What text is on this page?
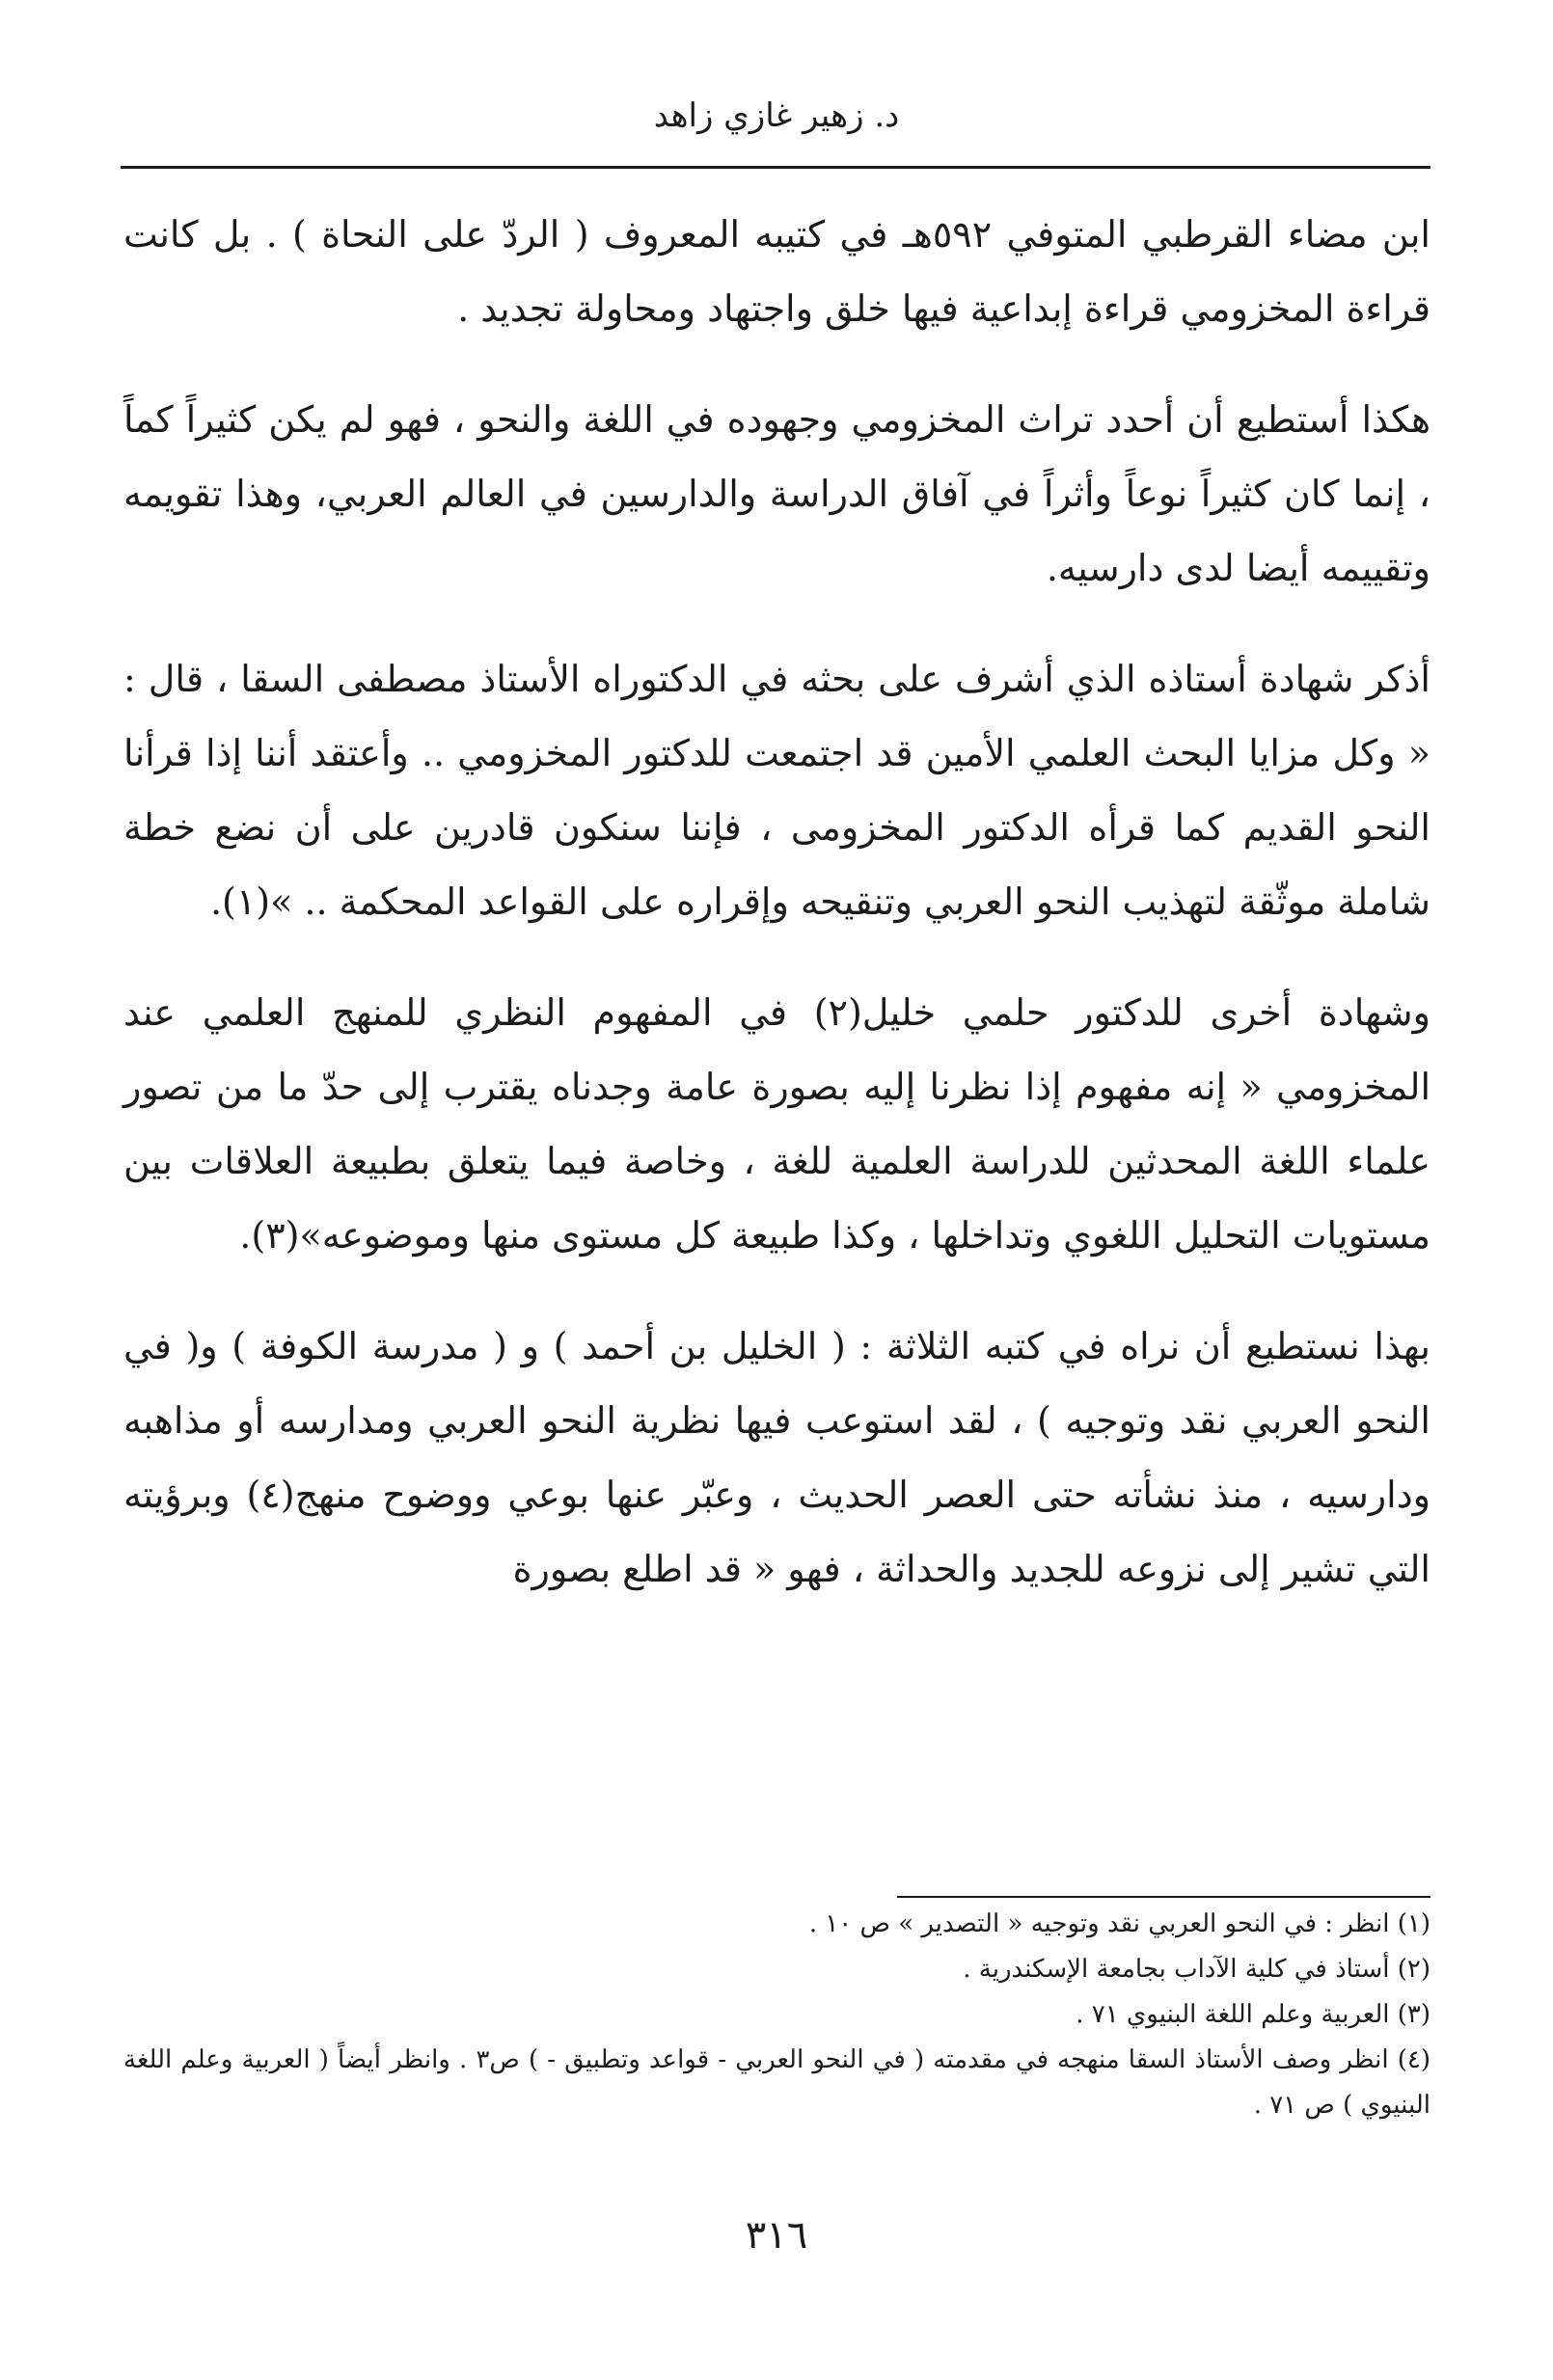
د. زهير غازي زاهد

ابن مضاء القرطبي المتوفي ٥٩٢هـ في كتيبه المعروف ( الردّ على النحاة ) . بل كانت قراءة المخزومي قراءة إبداعية فيها خلق واجتهاد ومحاولة تجديد .

هكذا أستطيع أن أحدد تراث المخزومي وجهوده في اللغة والنحو ، فهو لم يكن كثيراً كماً ، إنما كان كثيراً نوعاً وأثراً في آفاق الدراسة والدارسين في العالم العربي، وهذا تقويمه وتقييمه أيضا لدى دارسيه.

أذكر شهادة أستاذه الذي أشرف على بحثه في الدكتوراه الأستاذ مصطفى السقا ، قال : « وكل مزايا البحث العلمي الأمين قد اجتمعت للدكتور المخزومي .. وأعتقد أننا إذا قرأنا النحو القديم كما قرأه الدكتور المخزومى ، فإننا سنكون قادرين على أن نضع خطة شاملة موثّقة لتهذيب النحو العربي وتنقيحه وإقراره على القواعد المحكمة .. »(١).

وشهادة أخرى للدكتور حلمي خليل(٢) في المفهوم النظري للمنهج العلمي عند المخزومي « إنه مفهوم إذا نظرنا إليه بصورة عامة وجدناه يقترب إلى حدّ ما من تصور علماء اللغة المحدثين للدراسة العلمية للغة ، وخاصة فيما يتعلق بطبيعة العلاقات بين مستويات التحليل اللغوي وتداخلها ، وكذا طبيعة كل مستوى منها وموضوعه»(٣).

بهذا نستطيع أن نراه في كتبه الثلاثة : ( الخليل بن أحمد ) و ( مدرسة الكوفة ) و( في النحو العربي نقد وتوجيه ) ، لقد استوعب فيها نظرية النحو العربي ومدارسه أو مذاهبه ودارسيه ، منذ نشأته حتى العصر الحديث ، وعبّر عنها بوعي ووضوح منهج(٤) وبرؤيته التي تشير إلى نزوعه للجديد والحداثة ، فهو « قد اطلع بصورة

(١) انظر : في النحو العربي نقد وتوجيه « التصدير » ص ١٠ .
(٢) أستاذ في كلية الآداب بجامعة الإسكندرية .
(٣) العربية وعلم اللغة البنيوي ٧١ .
(٤) انظر وصف الأستاذ السقا منهجه في مقدمته ( في النحو العربي - قواعد وتطبيق - ) ص٣ . وانظر أيضاً ( العربية وعلم اللغة البنيوي ) ص ٧١ .
٣١٦
